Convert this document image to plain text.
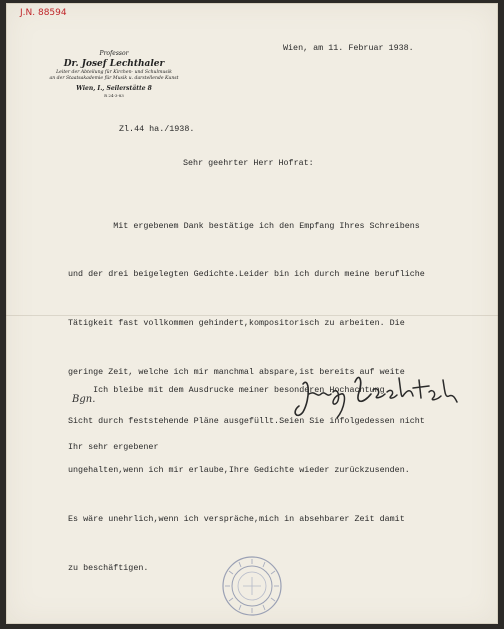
J.N. 88594
Professor
Dr. Josef Lechthaler
Leiter der Abteilung für Kirchen- und Schulmusik
an der Staatsakademie für Musik u. darstellende Kunst
Wien, I., Seilerstätte 8
R 24-3-83
Wien, am 11. Februar 1938.
Zl.44 ha./1938.
Sehr geehrter Herr Hofrat:

Mit ergebenem Dank bestätige ich den Empfang Ihres Schreibens

und der drei beigelegten Gedichte.Leider bin ich durch meine berufliche

Tätigkeit fast vollkommen gehindert,kompositorisch zu arbeiten. Die

geringe Zeit, welche ich mir manchmal absparе,ist bereits auf weite

Sicht durch feststehende Pläne ausgefüllt.Seien Sie infolgedessen nicht

ungehalten,wenn ich mir erlaube,Ihre Gedichte wieder zurückzusenden.

Es wäre unehrlich,wenn ich verspräche,mich in absehbarer Zeit damit

zu beschäftigen.

Ich bleibe mit dem Ausdrucke meiner besonderen Hochachtung

Ihr sehr ergebener

Bgn.
